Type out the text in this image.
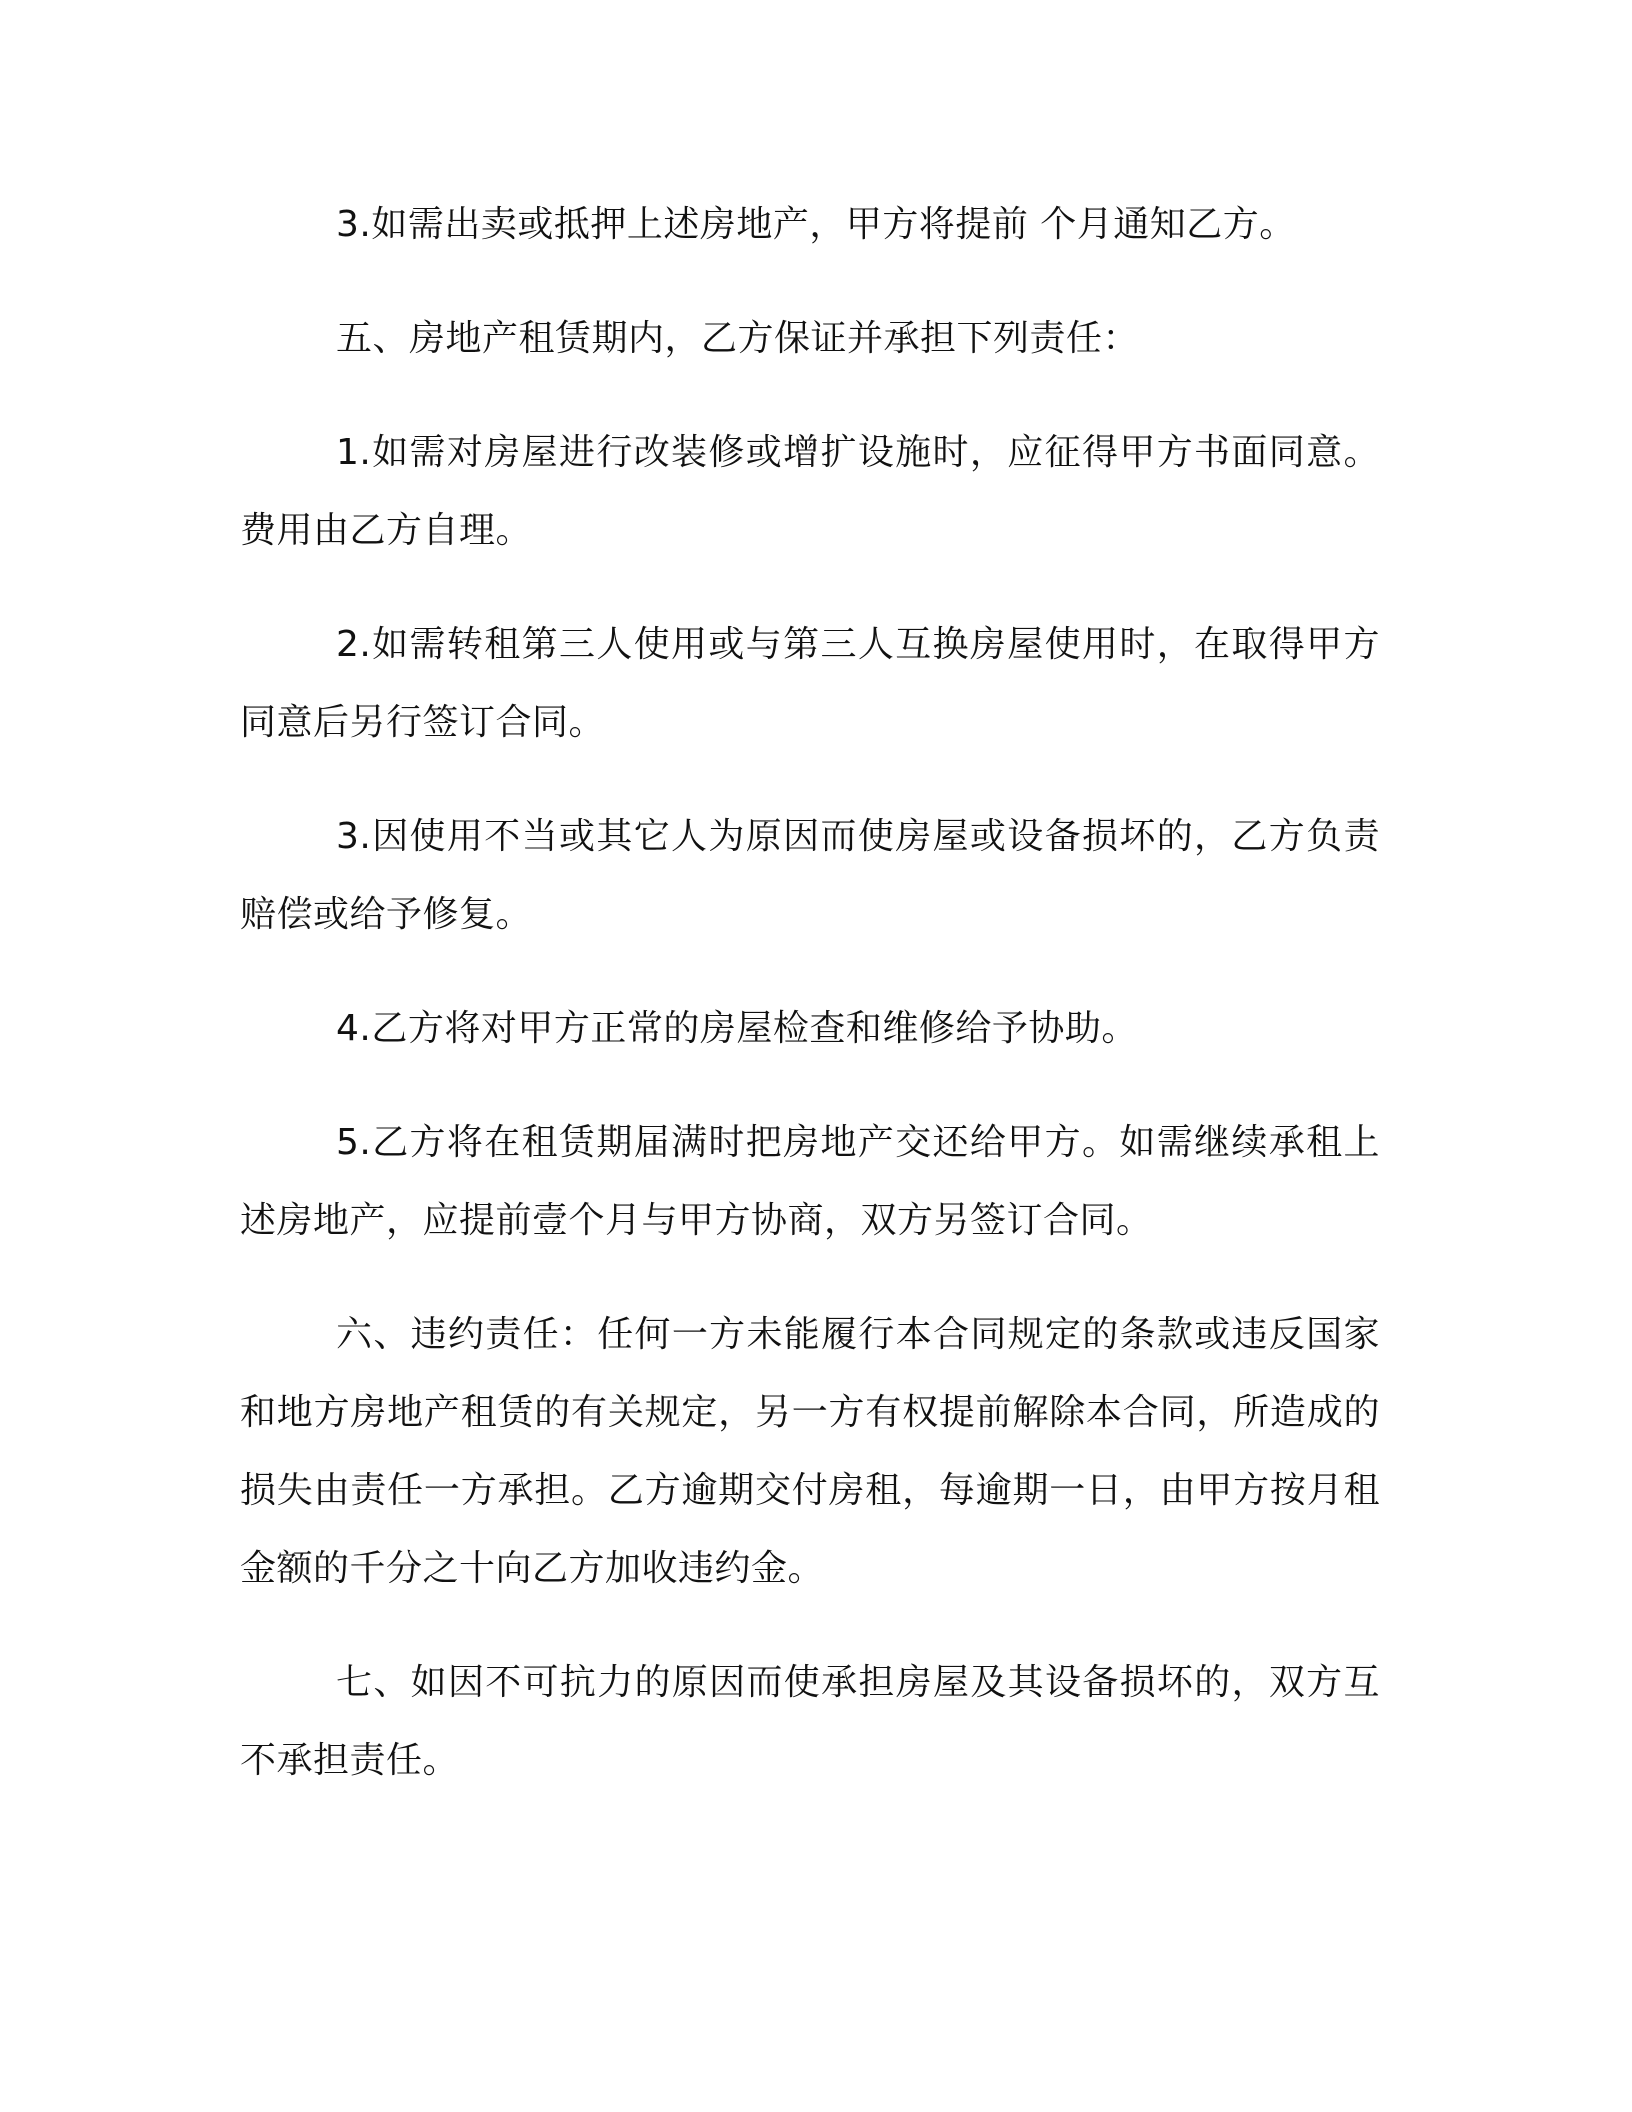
3.如需出卖或抵押上述房地产，甲方将提前 个月通知乙方。

五、房地产租赁期内，乙方保证并承担下列责任：

1.如需对房屋进行改装修或增扩设施时，应征得甲方书面同意。费用由乙方自理。

2.如需转租第三人使用或与第三人互换房屋使用时，在取得甲方同意后另行签订合同。

3.因使用不当或其它人为原因而使房屋或设备损坏的，乙方负责赔偿或给予修复。

4.乙方将对甲方正常的房屋检查和维修给予协助。

5.乙方将在租赁期届满时把房地产交还给甲方。如需继续承租上述房地产，应提前壹个月与甲方协商，双方另签订合同。

六、违约责任：任何一方未能履行本合同规定的条款或违反国家和地方房地产租赁的有关规定，另一方有权提前解除本合同，所造成的损失由责任一方承担。乙方逾期交付房租，每逾期一日，由甲方按月租金额的千分之十向乙方加收违约金。

七、如因不可抗力的原因而使承担房屋及其设备损坏的，双方互不承担责任。
